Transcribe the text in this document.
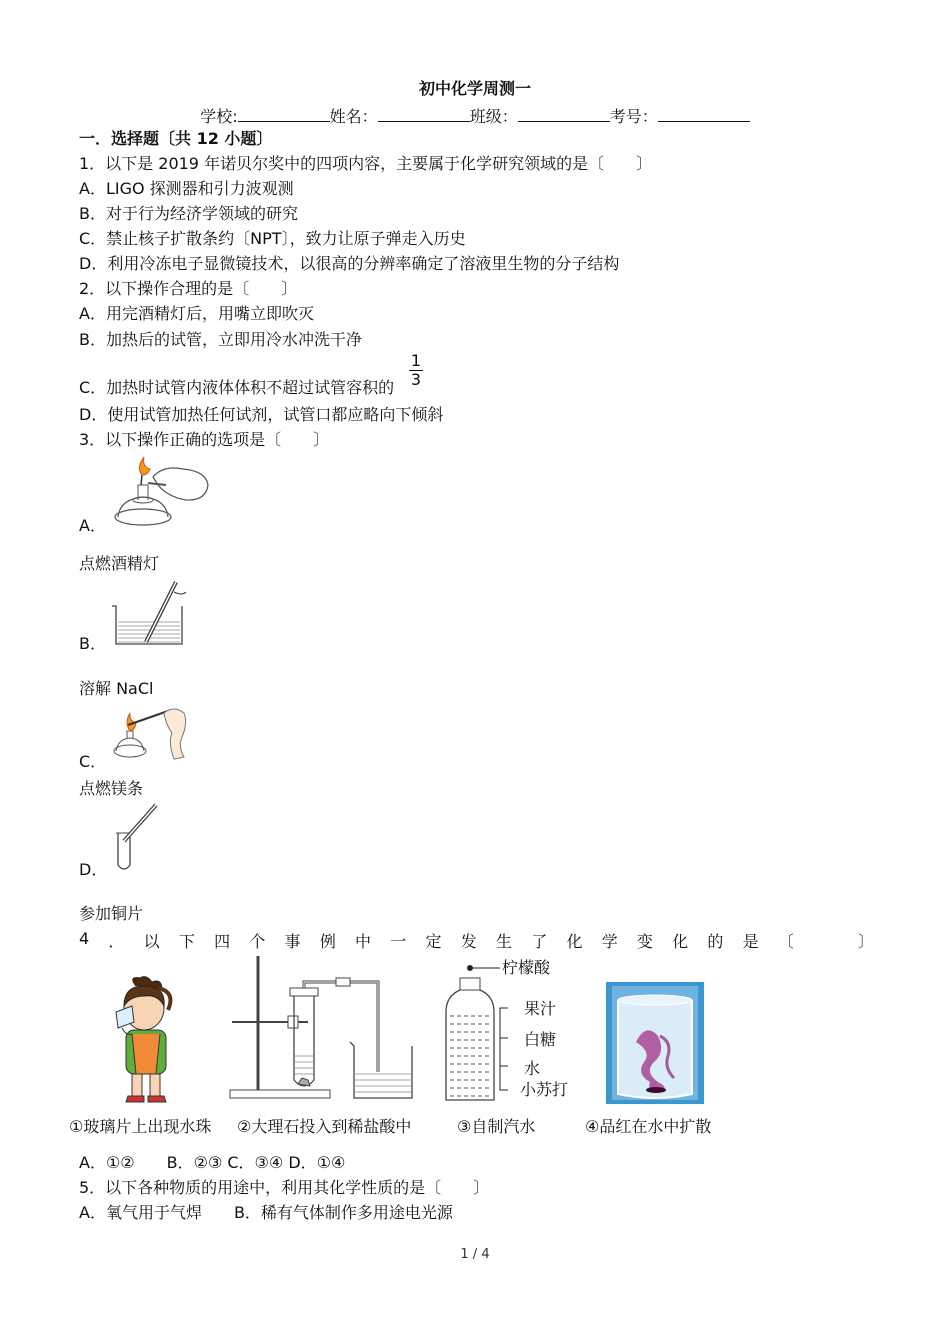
初中化学周测一
学校:	姓名：	班级：	考号：
一．选择题〔共 12 小题〕
1．以下是 2019 年诺贝尔奖中的四项内容，主要属于化学研究领域的是〔　　〕
A．LIGO 探测器和引力波观测
B．对于行为经济学领域的研究
C．禁止核子扩散条约〔NPT〕，致力让原子弹走入历史
D．利用冷冻电子显微镜技术，以很高的分辨率确定了溶液里生物的分子结构
2．以下操作合理的是〔　　〕
A．用完酒精灯后，用嘴立即吹灭
B．加热后的试管，立即用冷水冲洗干净
C．加热时试管内液体体积不超过试管容积的 $\frac{1}{3}$
D．使用试管加热任何试剂，试管口都应略向下倾斜
3．以下操作正确的选项是〔　　〕
A．
点燃酒精灯
B．
溶解 NaCl
C．
点燃镁条
D．
参加铜片
4 ． 以 下 四 个 事 例 中 一 定 发 生 了 化 学 变 化 的 是 〔　　　　〕
柠檬酸
果汁
白糖
水
小苏打
①玻璃片上出现水珠 ②大理石投入到稀盐酸中	③自制汽水	④品红在水中扩散
A．①②　　B．②③ C．③④ D．①④
5．以下各种物质的用途中，利用其化学性质的是〔　　〕
A．氧气用于气焊　　B．稀有气体制作多用途电光源
1 / 4
